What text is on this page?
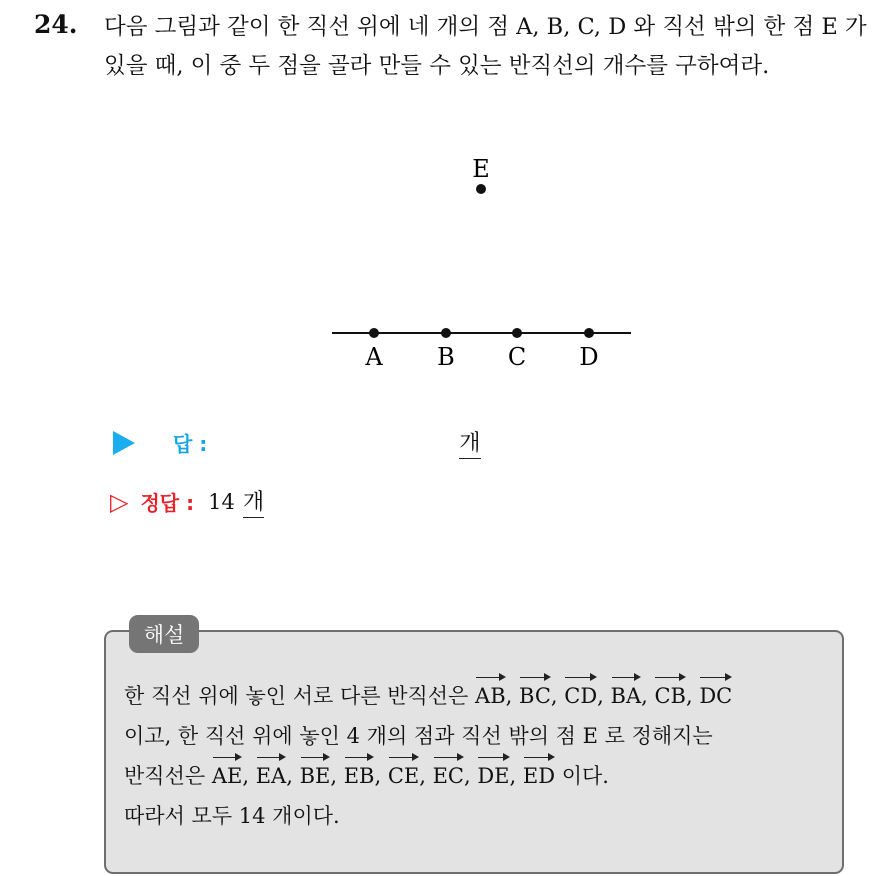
24. 다음 그림과 같이 한 직선 위에 네 개의 점 A, B, C, D 와 직선 밖의 한 점 E 가 있을 때, 이 중 두 점을 골라 만들 수 있는 반직선의 개수를 구하여라.
E
A B C D
답 :	개
▷ 정답 : 14 개
해설
한 직선 위에 놓인 서로 다른 반직선은 AB, BC, CD, BA, CB, DC
이고, 한 직선 위에 놓인 4 개의 점과 직선 밖의 점 E 로 정해지는
반직선은 AE, EA, BE, EB, CE, EC, DE, ED 이다.
따라서 모두 14 개이다.
